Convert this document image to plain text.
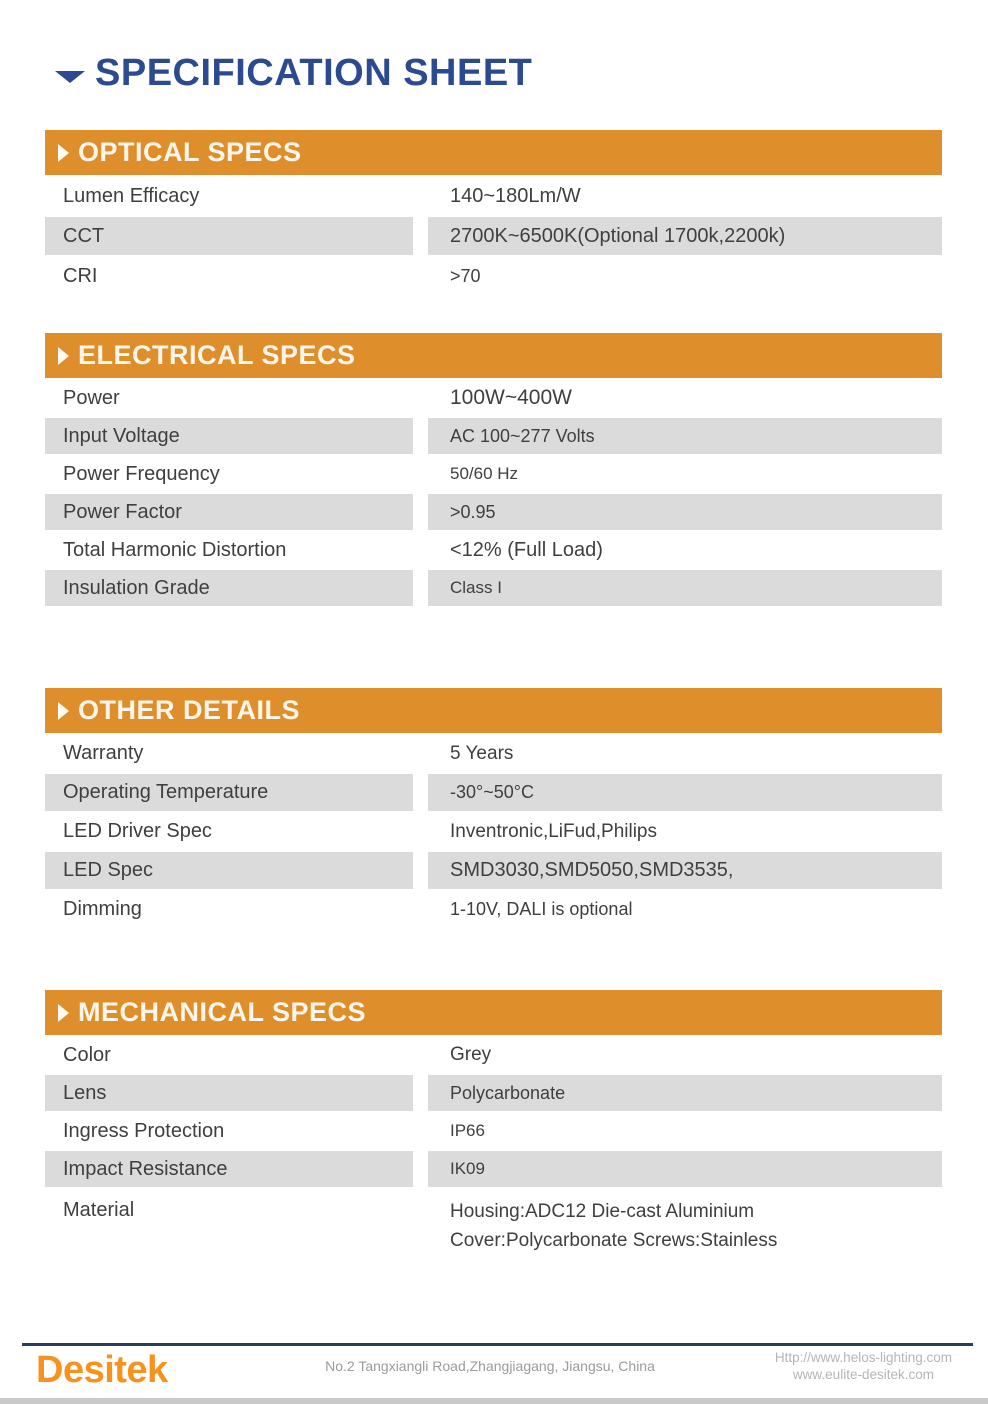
SPECIFICATION SHEET
OPTICAL SPECS
Lumen Efficacy	140~180Lm/W
CCT	2700K~6500K(Optional 1700k,2200k)
CRI	>70
ELECTRICAL SPECS
Power	100W~400W
Input Voltage	AC 100~277 Volts
Power Frequency	50/60 Hz
Power Factor	>0.95
Total Harmonic Distortion	<12% (Full Load)
Insulation Grade	Class I
OTHER DETAILS
Warranty	5 Years
Operating Temperature	-30°~50°C
LED Driver Spec	Inventronic,LiFud,Philips
LED Spec	SMD3030,SMD5050,SMD3535,
Dimming	1-10V, DALI is optional
MECHANICAL SPECS
Color	Grey
Lens	Polycarbonate
Ingress Protection	IP66
Impact Resistance	IK09
Material	Housing:ADC12 Die-cast Aluminium
Cover:Polycarbonate Screws:Stainless
Desitek	No.2 Tangxiangli Road,Zhangjiagang, Jiangsu, China
Http://www.helos-lighting.com
www.eulite-desitek.com
